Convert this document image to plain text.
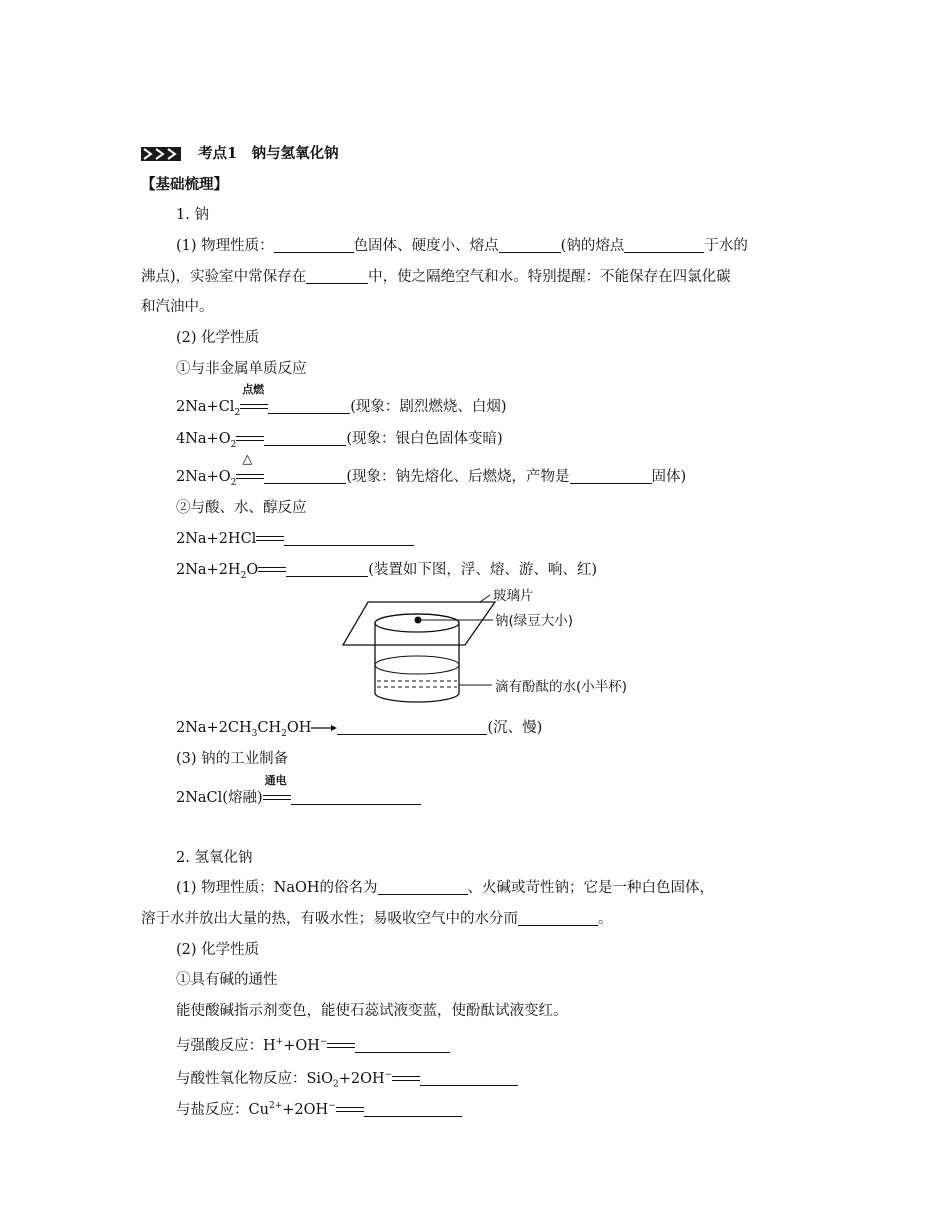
考点1　钠与氢氧化钠
【基础梳理】
1. 钠
(1) 物理性质：	色固体、硬度小、熔点	(钠的熔点	于水的
沸点)，实验室中常保存在	中，使之隔绝空气和水。特别提醒：不能保存在四氯化碳
和汽油中。
(2) 化学性质
①与非金属单质反应
$2Na+Cl_2$
点燃
(现象：剧烈燃烧、白烟)
$4Na+O_2$	(现象：银白色固体变暗)
$2Na+O_2$
△
(现象：钠先熔化、后燃烧，产物是	固体)
②与酸、水、醇反应
2Na+2HCl
$2Na+2H_2O$	(装置如下图，浮、熔、游、响、红)
玻璃片
钠(绿豆大小)
滴有酚酞的水(小半杯)
$2Na+2CH_3CH_2OH$	(沉、慢)
(3) 钠的工业制备
2NaCl(熔融)
通电
2. 氢氧化钠
(1) 物理性质：NaOH的俗名为	、火碱或苛性钠；它是一种白色固体，
溶于水并放出大量的热，有吸水性；易吸收空气中的水分而	。
(2) 化学性质
①具有碱的通性
能使酸碱指示剂变色，能使石蕊试液变蓝，使酚酞试液变红。
与强酸反应：H++OH−
与酸性氧化物反应：SiO$_2$+2OH−
与盐反应：$Cu^{2+}+2OH^-$
